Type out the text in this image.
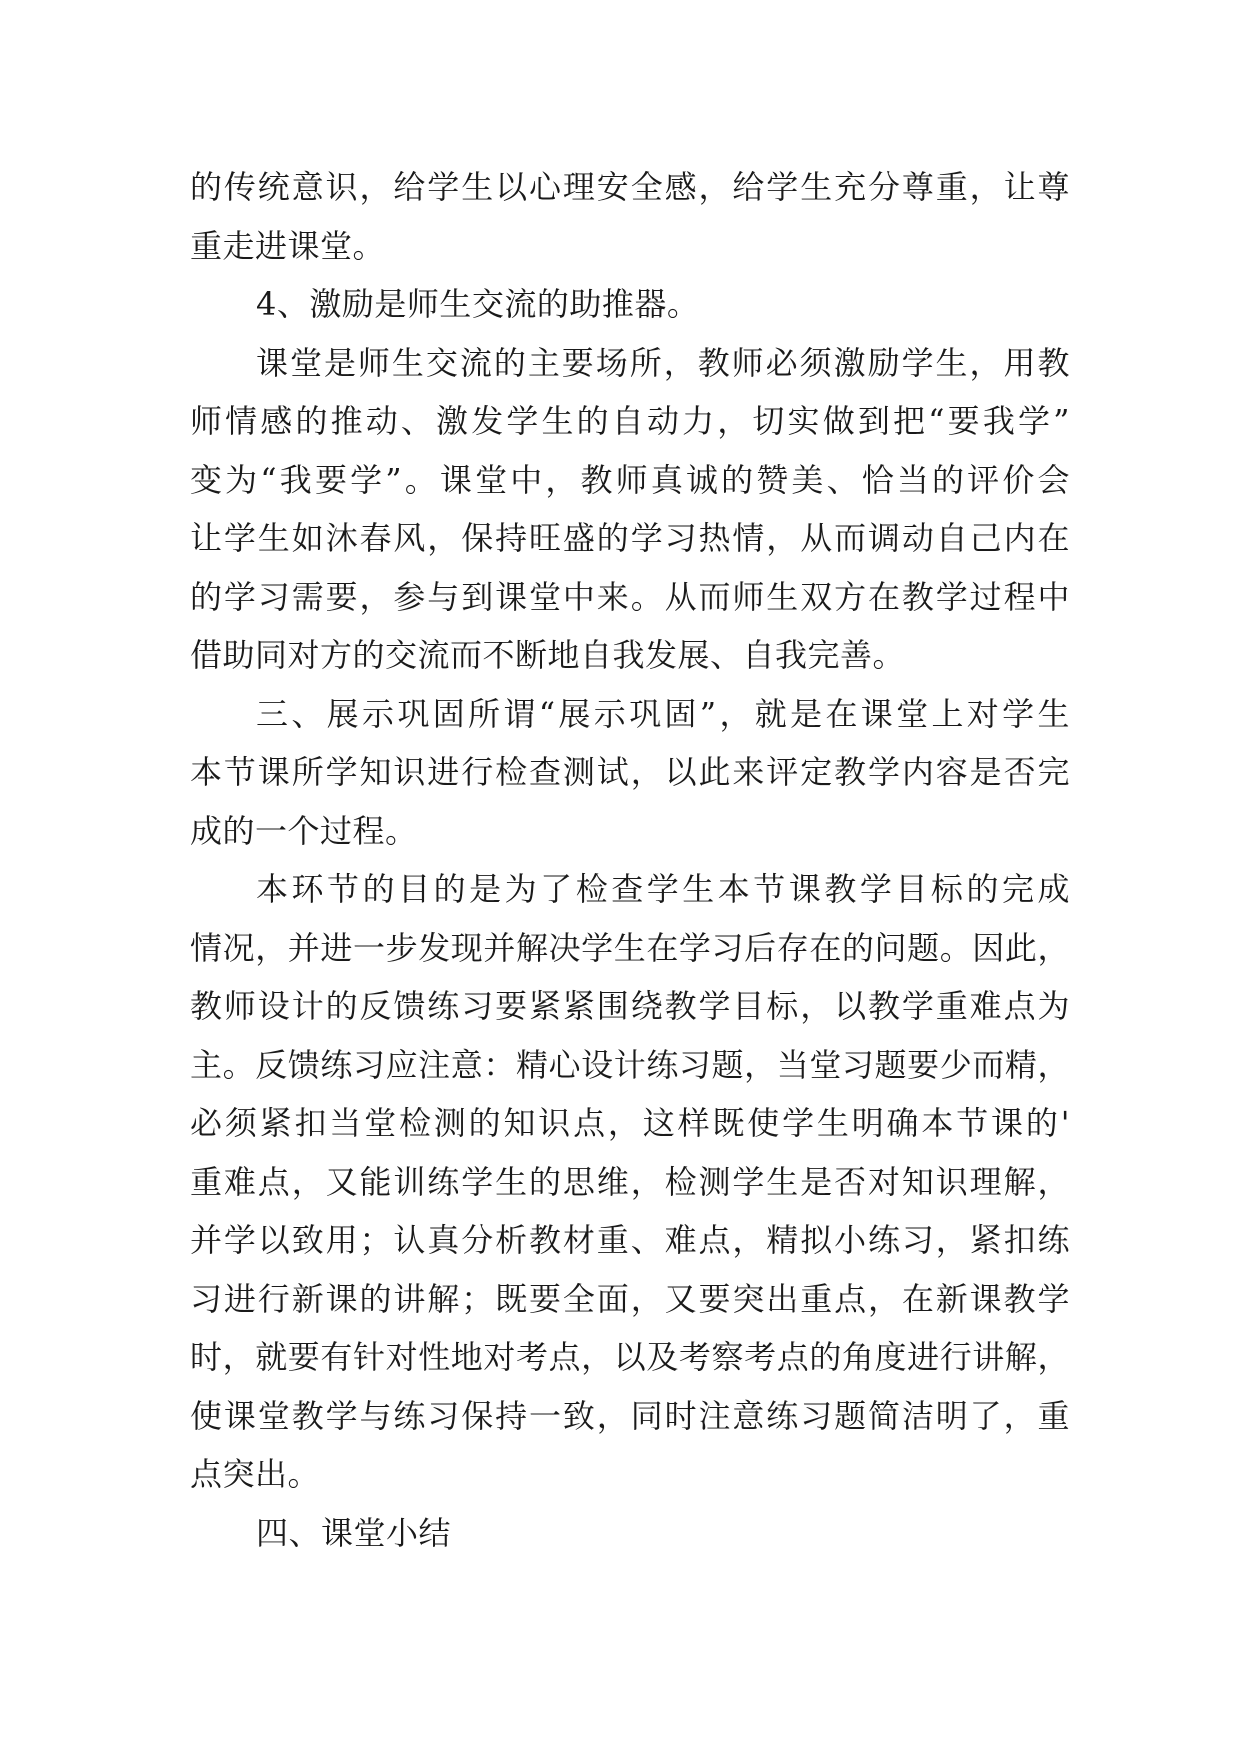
的传统意识，给学生以心理安全感，给学生充分尊重，让尊
重走进课堂。
4、激励是师生交流的助推器。
课堂是师生交流的主要场所，教师必须激励学生，用教
师情感的推动、激发学生的自动力，切实做到把“要我学”
变为“我要学”。课堂中，教师真诚的赞美、恰当的评价会
让学生如沐春风，保持旺盛的学习热情，从而调动自己内在
的学习需要，参与到课堂中来。从而师生双方在教学过程中
借助同对方的交流而不断地自我发展、自我完善。
三、展示巩固所谓“展示巩固”，就是在课堂上对学生
本节课所学知识进行检查测试，以此来评定教学内容是否完
成的一个过程。
本环节的目的是为了检查学生本节课教学目标的完成
情况，并进一步发现并解决学生在学习后存在的问题。因此，
教师设计的反馈练习要紧紧围绕教学目标，以教学重难点为
主。反馈练习应注意：精心设计练习题，当堂习题要少而精，
必须紧扣当堂检测的知识点，这样既使学生明确本节课的'
重难点，又能训练学生的思维，检测学生是否对知识理解，
并学以致用；认真分析教材重、难点，精拟小练习，紧扣练
习进行新课的讲解；既要全面，又要突出重点，在新课教学
时，就要有针对性地对考点，以及考察考点的角度进行讲解，
使课堂教学与练习保持一致，同时注意练习题简洁明了，重
点突出。
四、课堂小结
